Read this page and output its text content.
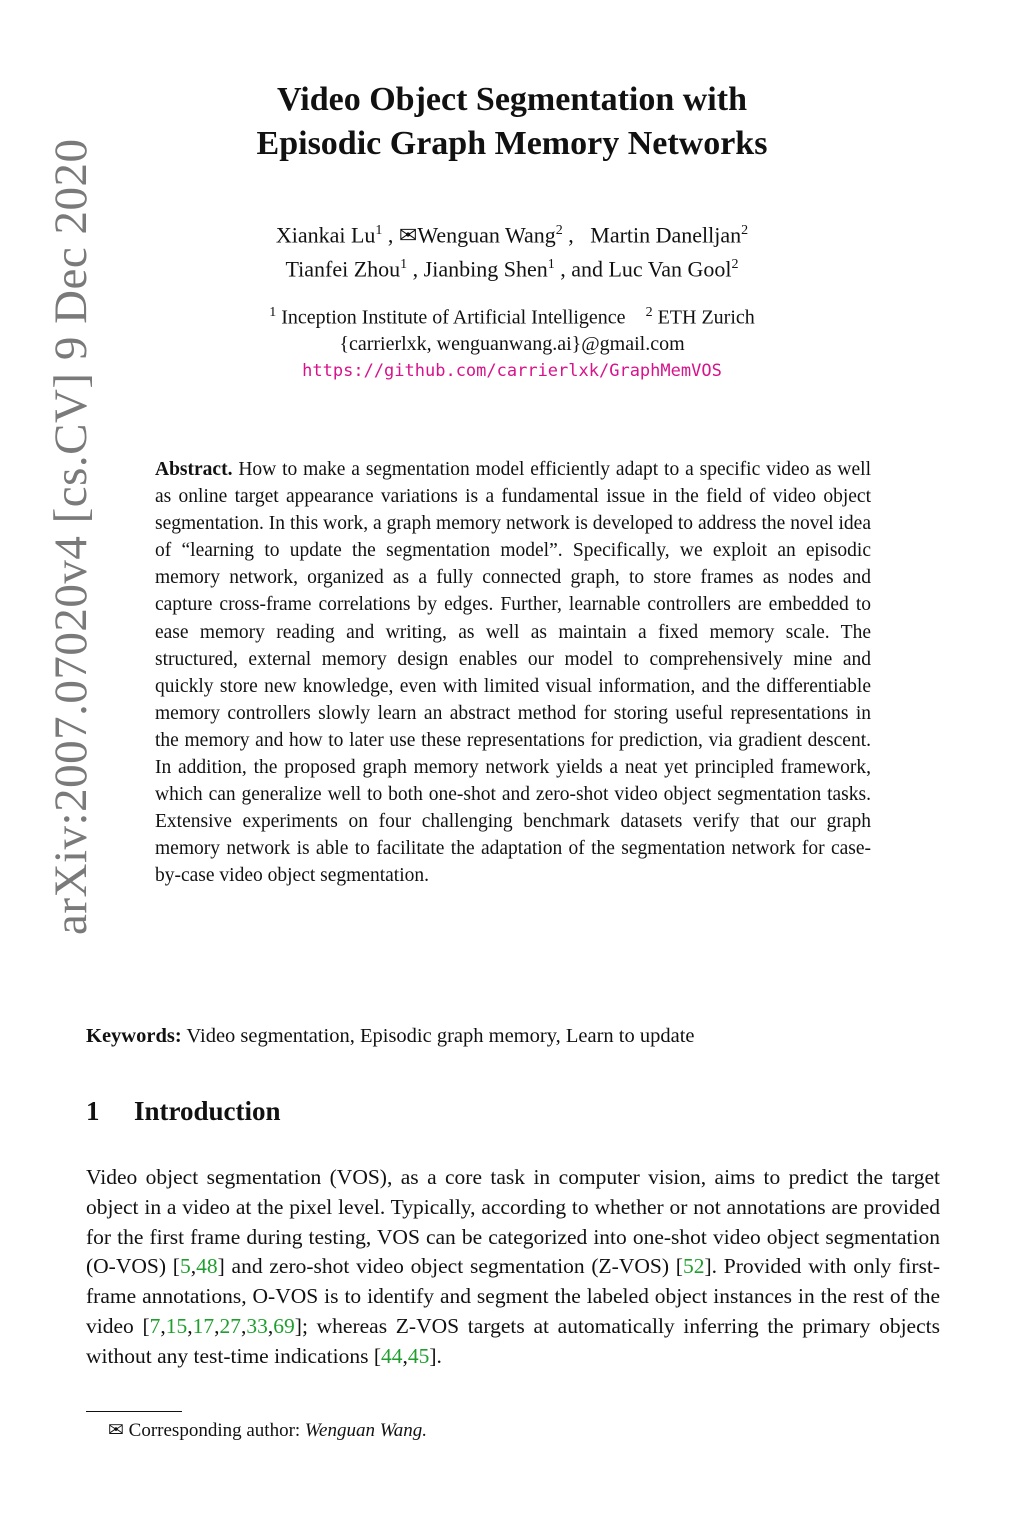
arXiv:2007.07020v4 [cs.CV] 9 Dec 2020
Video Object Segmentation with
Episodic Graph Memory Networks
Xiankai Lu$^1$ , ✉Wenguan Wang$^2$ ,   Martin Danelljan$^2$
Tianfei Zhou$^1$ , Jianbing Shen$^1$ , and Luc Van Gool$^2$
$^1$ Inception Institute of Artificial Intelligence $^2$ ETH Zurich
{carrierlxk, wenguanwang.ai}@gmail.com
https://github.com/carrierlxk/GraphMemVOS
Abstract. How to make a segmentation model efficiently adapt to a specific video as well as online target appearance variations is a fundamental issue in the field of video object segmentation. In this work, a graph memory network is developed to address the novel idea of “learning to update the segmentation model”. Specifically, we exploit an episodic memory network, organized as a fully connected graph, to store frames as nodes and capture cross-frame correlations by edges. Further, learnable controllers are embedded to ease memory reading and writing, as well as maintain a fixed memory scale. The structured, external memory design enables our model to comprehensively mine and quickly store new knowledge, even with limited visual information, and the differentiable memory controllers slowly learn an abstract method for storing useful representations in the memory and how to later use these representations for prediction, via gradient descent. In addition, the proposed graph memory network yields a neat yet principled framework, which can generalize well to both one-shot and zero-shot video object segmentation tasks. Extensive experiments on four challenging benchmark datasets verify that our graph memory network is able to facilitate the adaptation of the segmentation network for case-by-case video object segmentation.
Keywords: Video segmentation, Episodic graph memory, Learn to update
1 Introduction
Video object segmentation (VOS), as a core task in computer vision, aims to predict the target object in a video at the pixel level. Typically, according to whether or not annotations are provided for the first frame during testing, VOS can be categorized into one-shot video object segmentation (O-VOS) [5,48] and zero-shot video object segmentation (Z-VOS) [52]. Provided with only first-frame annotations, O-VOS is to identify and segment the labeled object instances in the rest of the video [7,15,17,27,33,69]; whereas Z-VOS targets at automatically inferring the primary objects without any test-time indications [44,45].
✉ Corresponding author: Wenguan Wang.
